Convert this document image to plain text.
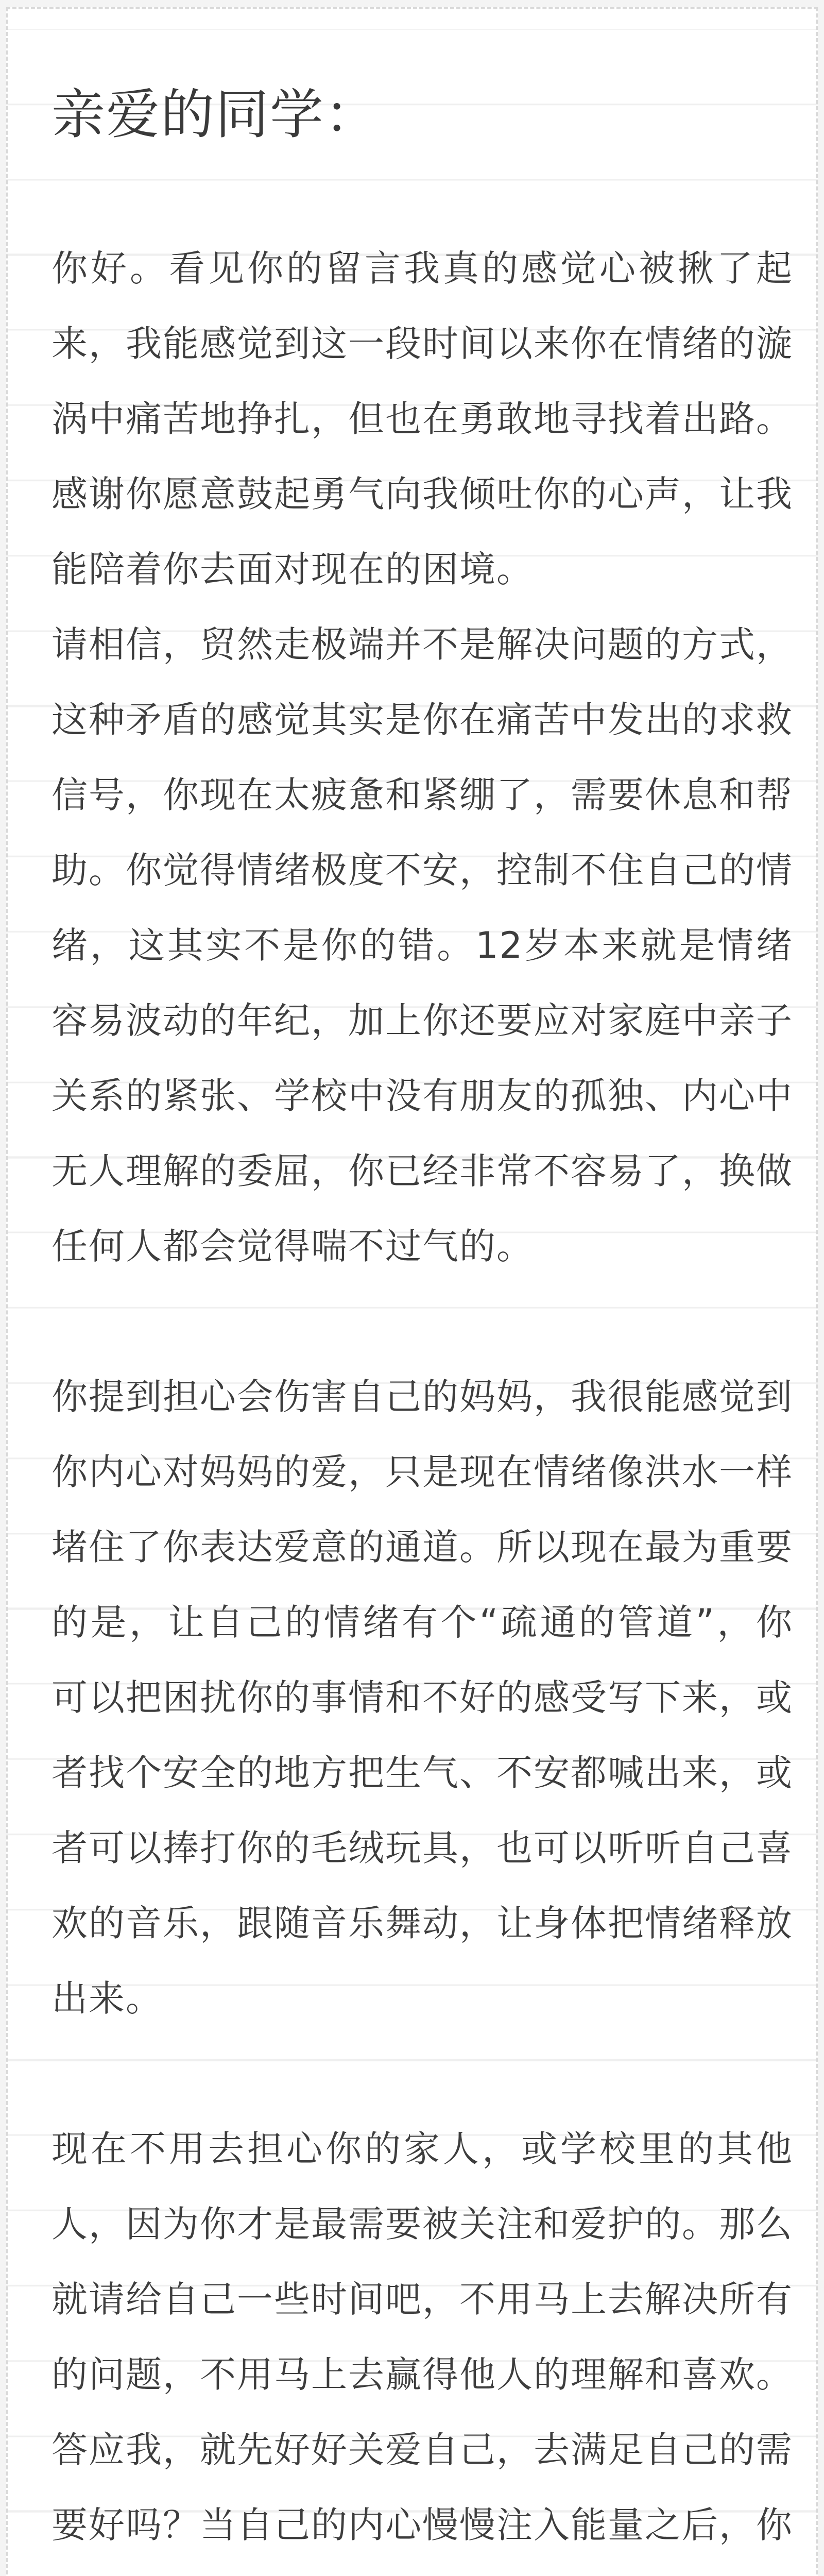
亲爱的同学：

你好。看见你的留言我真的感觉心被揪了起来，我能感觉到这一段时间以来你在情绪的漩涡中痛苦地挣扎，但也在勇敢地寻找着出路。感谢你愿意鼓起勇气向我倾吐你的心声，让我能陪着你去面对现在的困境。

请相信，贸然走极端并不是解决问题的方式，这种矛盾的感觉其实是你在痛苦中发出的求救信号，你现在太疲惫和紧绷了，需要休息和帮助。你觉得情绪极度不安，控制不住自己的情绪，这其实不是你的错。12岁本来就是情绪容易波动的年纪，加上你还要应对家庭中亲子关系的紧张、学校中没有朋友的孤独、内心中无人理解的委屈，你已经非常不容易了，换做任何人都会觉得喘不过气的。

你提到担心会伤害自己的妈妈，我很能感觉到你内心对妈妈的爱，只是现在情绪像洪水一样堵住了你表达爱意的通道。所以现在最为重要的是，让自己的情绪有个“疏通的管道”，你可以把困扰你的事情和不好的感受写下来，或者找个安全的地方把生气、不安都喊出来，或者可以捧打你的毛绒玩具，也可以听听自己喜欢的音乐，跟随音乐舞动，让身体把情绪释放出来。

现在不用去担心你的家人，或学校里的其他人，因为你才是最需要被关注和爱护的。那么就请给自己一些时间吧，不用马上去解决所有的问题，不用马上去赢得他人的理解和喜欢。答应我，就先好好关爱自己，去满足自己的需要好吗？当自己的内心慢慢注入能量之后，你
